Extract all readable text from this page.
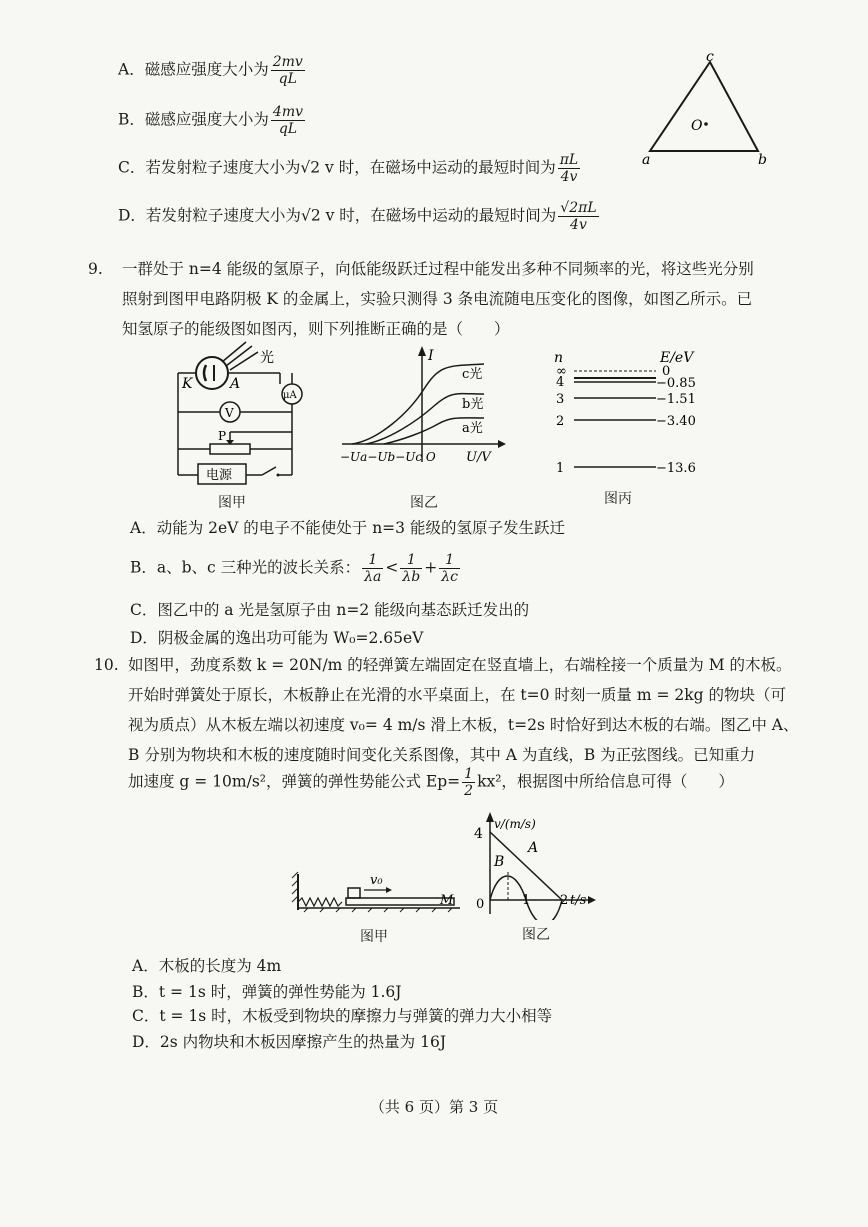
A．磁感应强度大小为 $\frac{2mv}{qL}$
B．磁感应强度大小为 $\frac{4mv}{qL}$
C．若发射粒子速度大小为√2 v 时，在磁场中运动的最短时间为 $\frac{\pi L}{4v}$
D．若发射粒子速度大小为√2 v 时，在磁场中运动的最短时间为 $\frac{√2\pi L}{4v}$
c
a	b
O
9. 一群处于 n=4 能级的氢原子，向低能级跃迁过程中能发出多种不同频率的光，将这些光分别
照射到图甲电路阴极 K 的金属上，实验只测得 3 条电流随电压变化的图像，如图乙所示。已
知氢原子的能级图如图丙，则下列推断正确的是（　　）
光
K	A
μA
V
P
电源
图甲
I
c光
b光
a光
−Ua−Ub−Uc O U/V
图乙
n	E/eV
∞	0
4	−0.85
3	−1.51
2	−3.40
1	−13.6
图丙
A．动能为 2eV 的电子不能使处于 n=3 能级的氢原子发生跃迁
B．a、b、c 三种光的波长关系： $\frac{1}{\lambda a} < \frac{1}{\lambda b} + \frac{1}{\lambda c}$
C．图乙中的 a 光是氢原子由 n=2 能级向基态跃迁发出的
D．阴极金属的逸出功可能为 W₀=2.65eV
10. 如图甲，劲度系数 k = 20N/m 的轻弹簧左端固定在竖直墙上，右端栓接一个质量为 M 的木板。
开始时弹簧处于原长，木板静止在光滑的水平桌面上，在 t=0 时刻一质量 m = 2kg 的物块（可
视为质点）从木板左端以初速度 v₀= 4 m/s 滑上木板，t=2s 时恰好到达木板的右端。图乙中 A、
B 分别为物块和木板的速度随时间变化关系图像，其中 A 为直线，B 为正弦图线。已知重力
加速度 g = 10m/s²，弹簧的弹性势能公式 $Ep= \frac{1}{2} kx^2$，根据图中所给信息可得（　　）
v₀
M
图甲
v/(m/s)
4
A
B
0	1 2 t/s
图乙
A．木板的长度为 4m
B．t = 1s 时，弹簧的弹性势能为 1.6J
C．t = 1s 时，木板受到物块的摩擦力与弹簧的弹力大小相等
D．2s 内物块和木板因摩擦产生的热量为 16J
（共 6 页）第 3 页
